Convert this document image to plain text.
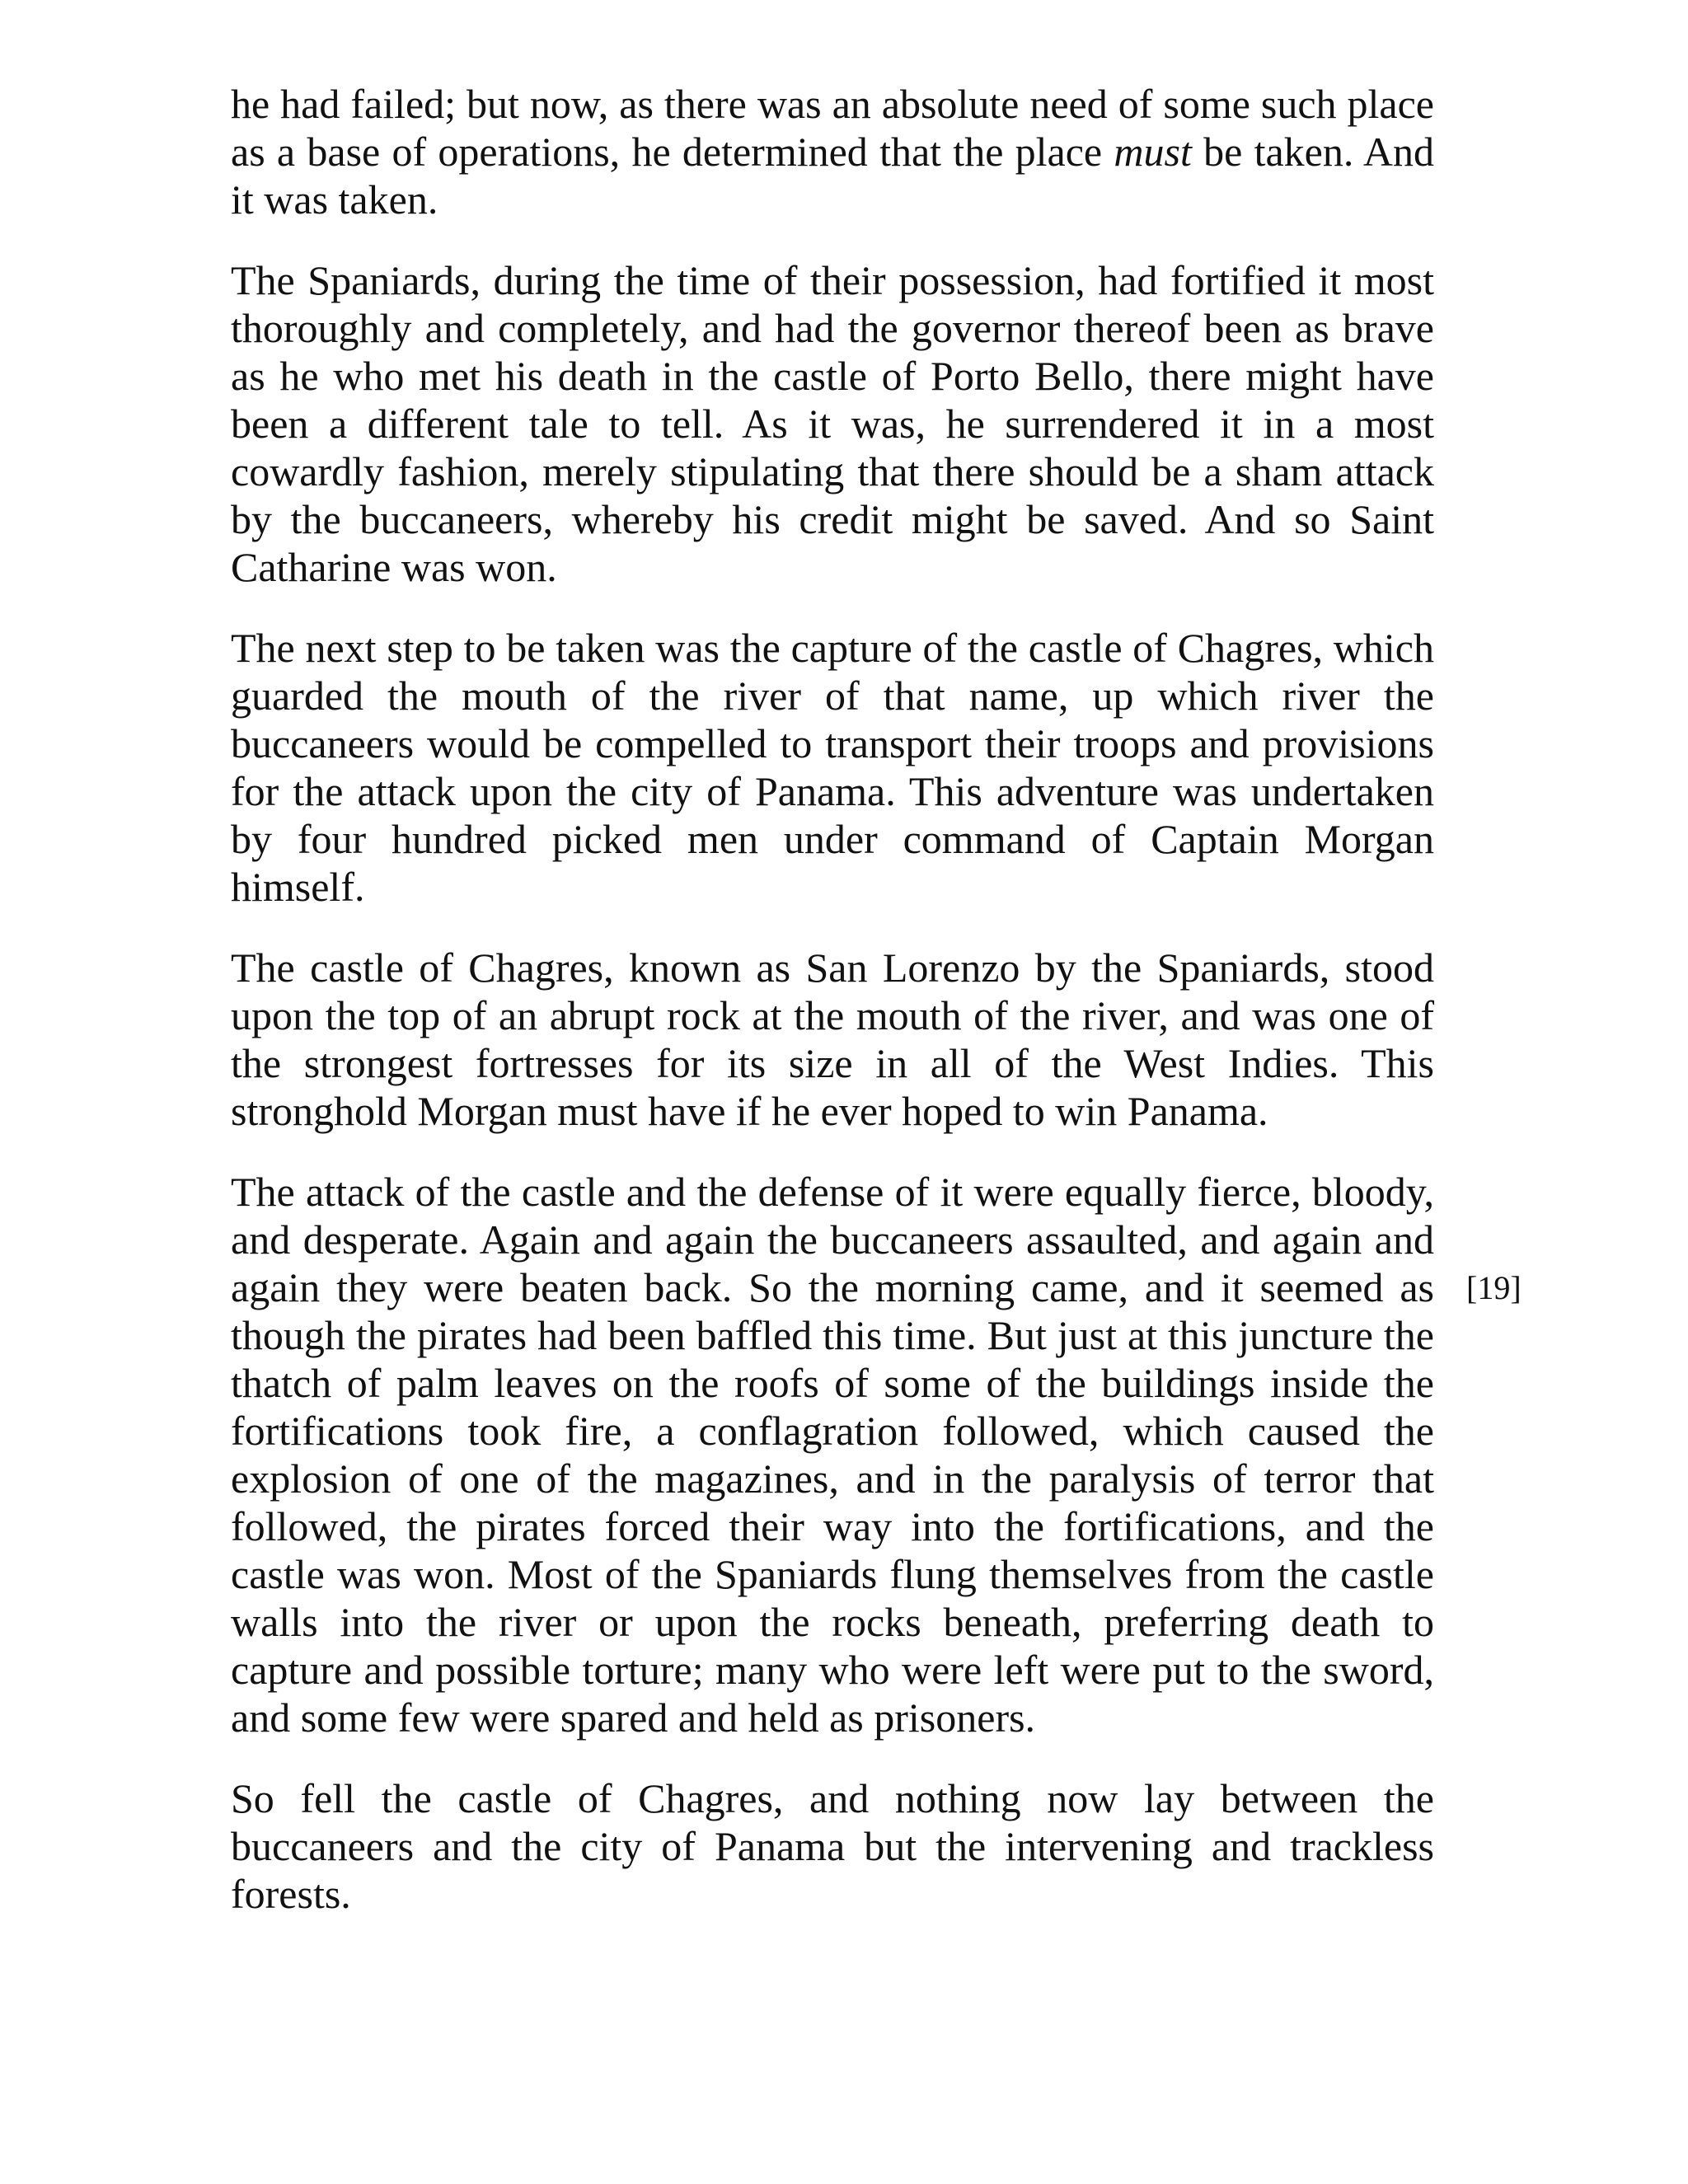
he had failed; but now, as there was an absolute need of some such place as a base of operations, he determined that the place must be taken. And it was taken.

The Spaniards, during the time of their possession, had fortified it most thoroughly and completely, and had the governor thereof been as brave as he who met his death in the castle of Porto Bello, there might have been a different tale to tell. As it was, he surrendered it in a most cowardly fashion, merely stipulating that there should be a sham attack by the buccaneers, whereby his credit might be saved. And so Saint Catharine was won.

The next step to be taken was the capture of the castle of Chagres, which guarded the mouth of the river of that name, up which river the buccaneers would be compelled to transport their troops and provisions for the attack upon the city of Panama. This adventure was undertaken by four hundred picked men under command of Captain Morgan himself.

The castle of Chagres, known as San Lorenzo by the Spaniards, stood upon the top of an abrupt rock at the mouth of the river, and was one of the strongest fortresses for its size in all of the West Indies. This stronghold Morgan must have if he ever hoped to win Panama.

The attack of the castle and the defense of it were equally fierce, bloody, and desperate. Again and again the buccaneers assaulted, and again and again they were beaten back. So the morning came, and it seemed as though the pirates had been baffled this time. But just at this juncture the thatch of palm leaves on the roofs of some of the buildings inside the fortifications took fire, a conflagration followed, which caused the explosion of one of the magazines, and in the paralysis of terror that followed, the pirates forced their way into the fortifications, and the castle was won. Most of the Spaniards flung themselves from the castle walls into the river or upon the rocks beneath, preferring death to capture and possible torture; many who were left were put to the sword, and some few were spared and held as prisoners.

So fell the castle of Chagres, and nothing now lay between the buccaneers and the city of Panama but the intervening and trackless forests.

[19]
